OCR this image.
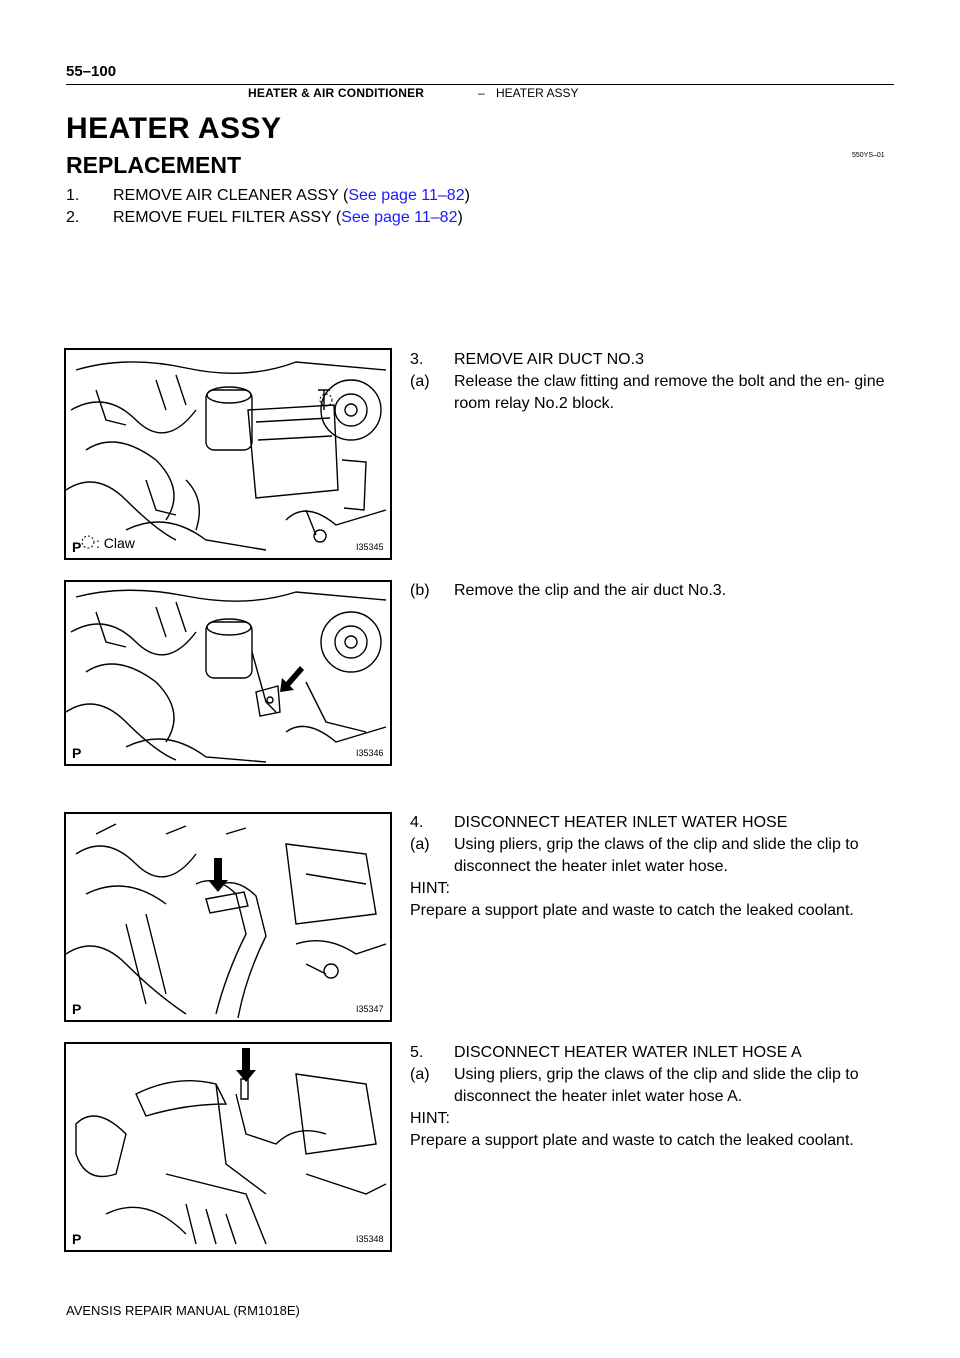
55–100
HEATER & AIR CONDITIONER	– HEATER ASSY
HEATER ASSY
550YS–01
REPLACEMENT
1. REMOVE AIR CLEANER ASSY (See page 11–82)
2. REMOVE FUEL FILTER ASSY (See page 11–82)
P : Claw	I35345
P	I35346
P	I35347
P	I35348
3.	REMOVE AIR DUCT NO.3
(a)	Release the claw fitting and remove the bolt and the en- gine room relay No.2 block.
(b)	Remove the clip and the air duct No.3.
4.	DISCONNECT HEATER INLET WATER HOSE
(a)	Using pliers, grip the claws of the clip and slide the clip to disconnect the heater inlet water hose.
HINT:
Prepare a support plate and waste to catch the leaked coolant.
5.	DISCONNECT HEATER WATER INLET HOSE A
(a)	Using pliers, grip the claws of the clip and slide the clip to disconnect the heater inlet water hose A.
HINT:
Prepare a support plate and waste to catch the leaked coolant.
AVENSIS REPAIR MANUAL (RM1018E)
